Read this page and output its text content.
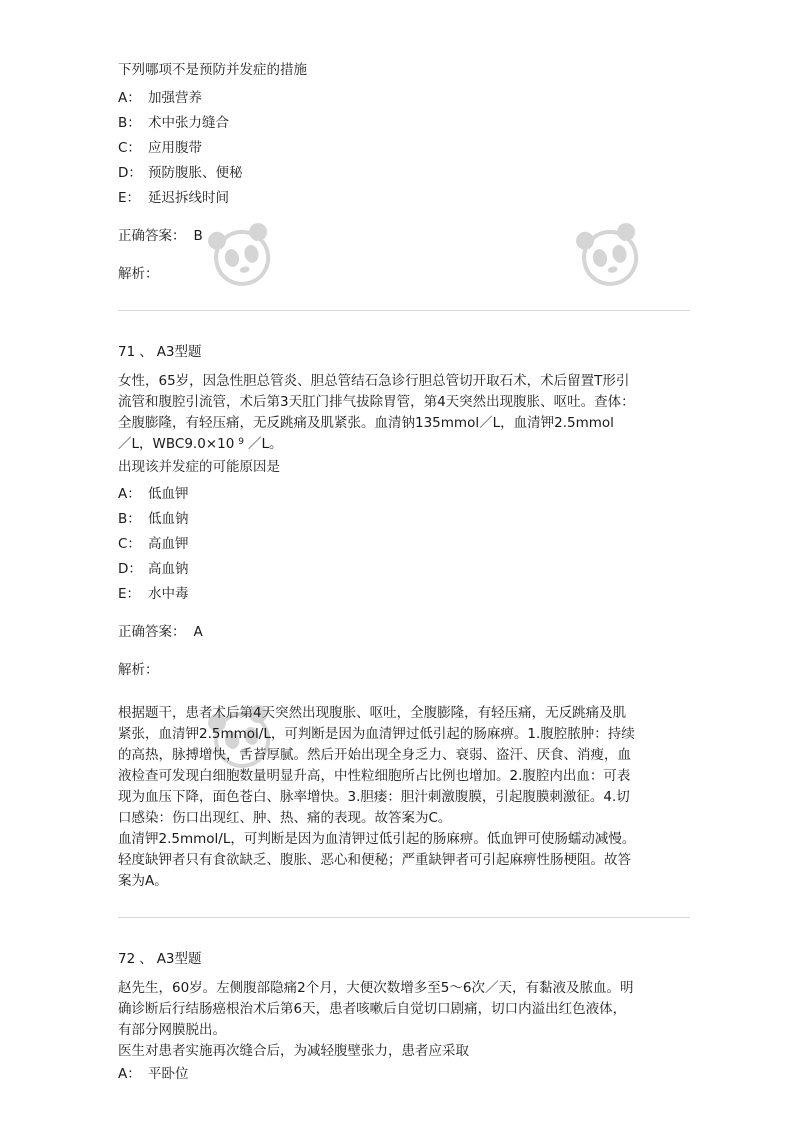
下列哪项不是预防并发症的措施
A： 加强营养
B： 术中张力缝合
C： 应用腹带
D： 预防腹胀、便秘
E： 延迟拆线时间
正确答案： B
解析：
71 、 A3型题
女性，65岁，因急性胆总管炎、胆总管结石急诊行胆总管切开取石术，术后留置T形引
流管和腹腔引流管，术后第3天肛门排气拔除胃管，第4天突然出现腹胀、呕吐。查体：
全腹膨隆，有轻压痛，无反跳痛及肌紧张。血清钠135mmol／L，血清钾2.5mmol
／L，WBC9.0×10 $^9$ ／L。
出现该并发症的可能原因是
A： 低血钾
B： 低血钠
C： 高血钾
D： 高血钠
E： 水中毒
正确答案： A
解析：
根据题干，患者术后第4天突然出现腹胀、呕吐，全腹膨隆，有轻压痛，无反跳痛及肌
紧张，血清钾2.5mmol/L，可判断是因为血清钾过低引起的肠麻痹。1.腹腔脓肿：持续
的高热，脉搏增快，舌苔厚腻。然后开始出现全身乏力、衰弱、盗汗、厌食、消瘦，血
液检查可发现白细胞数量明显升高，中性粒细胞所占比例也增加。2.腹腔内出血：可表
现为血压下降，面色苍白、脉率增快。3.胆瘘：胆汁刺激腹膜，引起腹膜刺激征。4.切
口感染：伤口出现红、肿、热、痛的表现。故答案为C。
血清钾2.5mmol/L，可判断是因为血清钾过低引起的肠麻痹。低血钾可使肠蠕动减慢。
轻度缺钾者只有食欲缺乏、腹胀、恶心和便秘；严重缺钾者可引起麻痹性肠梗阻。故答
案为A。
72 、 A3型题
赵先生，60岁。左侧腹部隐痛2个月，大便次数增多至5～6次／天，有黏液及脓血。明
确诊断后行结肠癌根治术后第6天，患者咳嗽后自觉切口剧痛，切口内溢出红色液体，
有部分网膜脱出。
医生对患者实施再次缝合后，为减轻腹壁张力，患者应采取
A： 平卧位
